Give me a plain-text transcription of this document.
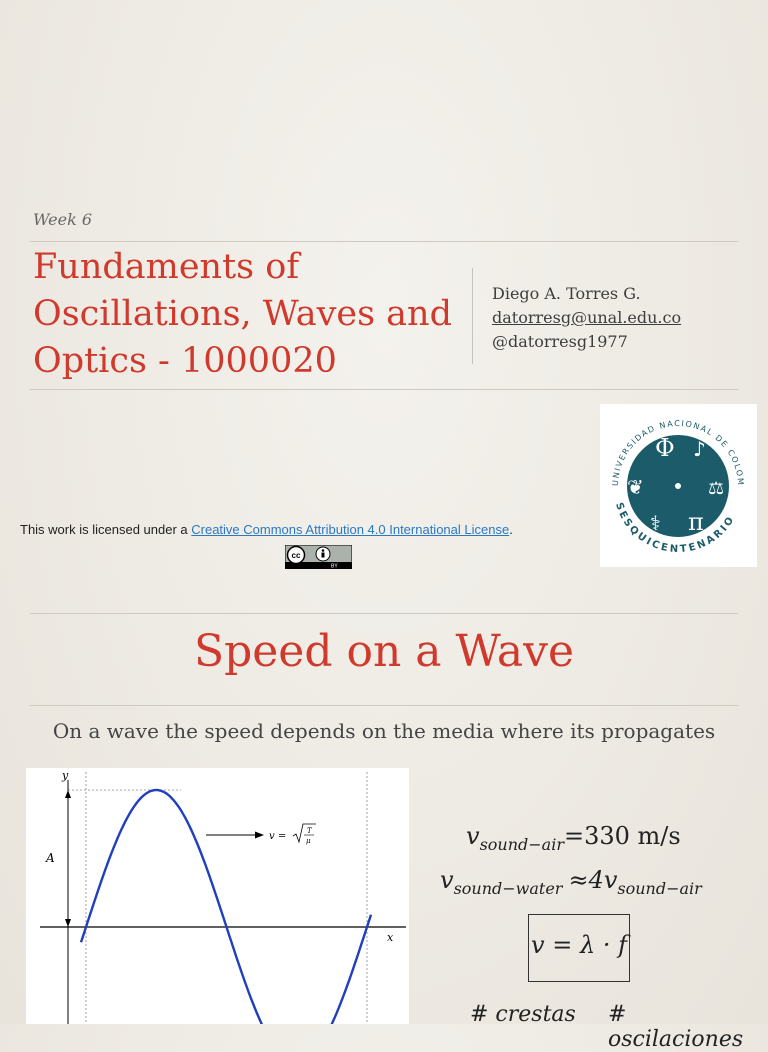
Week 6
Fundaments of Oscillations, Waves and Optics - 1000020
Diego A. Torres G.
datorresg@unal.edu.co
@datorresg1977
This work is licensed under a Creative Commons Attribution 4.0 International License.
cc
BY
UNIVERSIDAD NACIONAL DE COLOM
SESQUICENTENARIO
Φ ♪
❦	⚖
⚕ π
Speed on a Wave
On a wave the speed depends on the media where its propagates
y
x
A
v =	T
μ	$v_{sound-air}=330$ m/s
$v_{sound-water} \approx 4v_{sound-air}$
v = λ · f
# crestas # oscilaciones
